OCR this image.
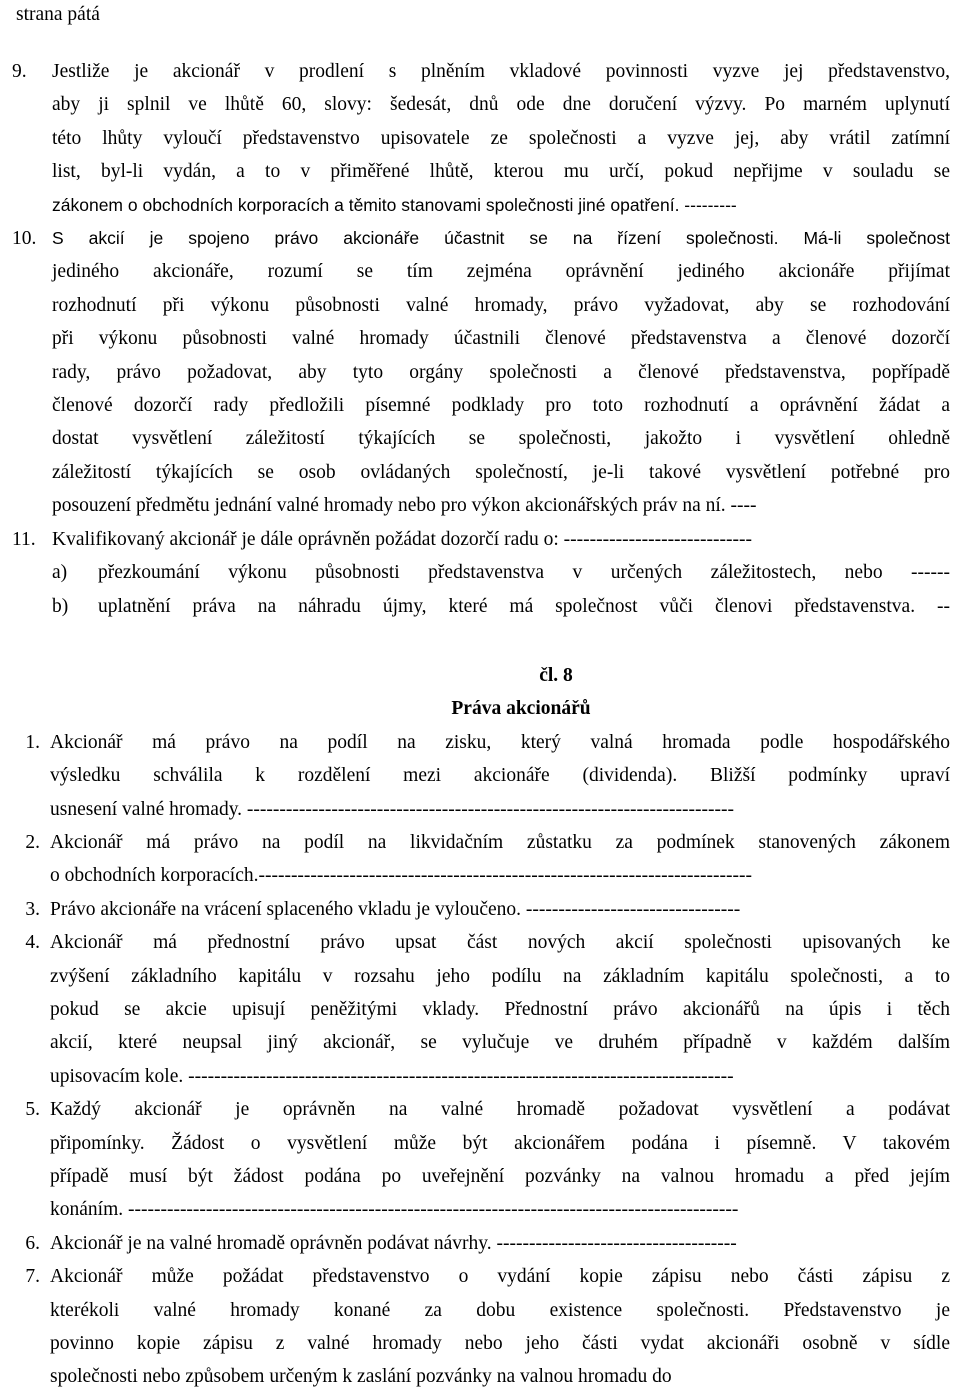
strana pátá
9.	Jestliže je akcionář v prodlení s plněním vkladové povinnosti vyzve jej představenstvo,
aby ji splnil ve lhůtě 60, slovy: šedesát, dnů ode dne doručení výzvy. Po marném uplynutí
této lhůty vyloučí představenstvo upisovatele ze společnosti a vyzve jej, aby vrátil zatímní
list, byl-li vydán, a to v přiměřené lhůtě, kterou mu určí, pokud nepřijme v souladu se
zákonem o obchodních korporacích a těmito stanovami společnosti jiné opatření. ---------
10. S akcií je spojeno právo akcionáře účastnit se na řízení společnosti. Má-li společnost
jediného akcionáře, rozumí se tím zejména oprávnění jediného akcionáře přijímat
rozhodnutí při výkonu působnosti valné hromady, právo vyžadovat, aby se rozhodování
při výkonu působnosti valné hromady účastnili členové představenstva a členové dozorčí
rady, právo požadovat, aby tyto orgány společnosti a členové představenstva, popřípadě
členové dozorčí rady předložili písemné podklady pro toto rozhodnutí a oprávnění žádat a
dostat vysvětlení záležitostí týkajících se společnosti, jakožto i vysvětlení ohledně
záležitostí týkajících se osob ovládaných společností, je-li takové vysvětlení potřebné pro
posouzení předmětu jednání valné hromady nebo pro výkon akcionářských práv na ní. ----
11. Kvalifikovaný akcionář je dále oprávněn požádat dozorčí radu o: -----------------------------
a)	přezkoumání výkonu působnosti představenstva v určených záležitostech, nebo ------
b)	uplatnění práva na náhradu újmy, které má společnost vůči členovi představenstva. --
čl. 8
Práva akcionářů
1. Akcionář má právo na podíl na zisku, který valná hromada podle hospodářského
výsledku schválila k rozdělení mezi akcionáře (dividenda). Bližší podmínky upraví
usnesení valné hromady. ---------------------------------------------------------------------------
2. Akcionář má právo na podíl na likvidačním zůstatku za podmínek stanovených zákonem
o obchodních korporacích.----------------------------------------------------------------------------
3. Právo akcionáře na vrácení splaceného vkladu je vyloučeno. ---------------------------------
4. Akcionář má přednostní právo upsat část nových akcií společnosti upisovaných ke
zvýšení základního kapitálu v rozsahu jeho podílu na základním kapitálu společnosti, a to
pokud se akcie upisují peněžitými vklady. Přednostní právo akcionářů na úpis i těch
akcií, které neupsal jiný akcionář, se vylučuje ve druhém případně v každém dalším
upisovacím kole. ------------------------------------------------------------------------------------
5. Každý akcionář je oprávněn na valné hromadě požadovat vysvětlení a podávat
připomínky. Žádost o vysvětlení může být akcionářem podána i písemně. V takovém
případě musí být žádost podána po uveřejnění pozvánky na valnou hromadu a před jejím
konáním. ----------------------------------------------------------------------------------------------
6. Akcionář je na valné hromadě oprávněn podávat návrhy. -------------------------------------
7. Akcionář může požádat představenstvo o vydání kopie zápisu nebo části zápisu z
kterékoli valné hromady konané za dobu existence společnosti. Představenstvo je
povinno kopie zápisu z valné hromady nebo jeho části vydat akcionáři osobně v sídle
společnosti nebo způsobem určeným k zaslání pozvánky na valnou hromadu do
